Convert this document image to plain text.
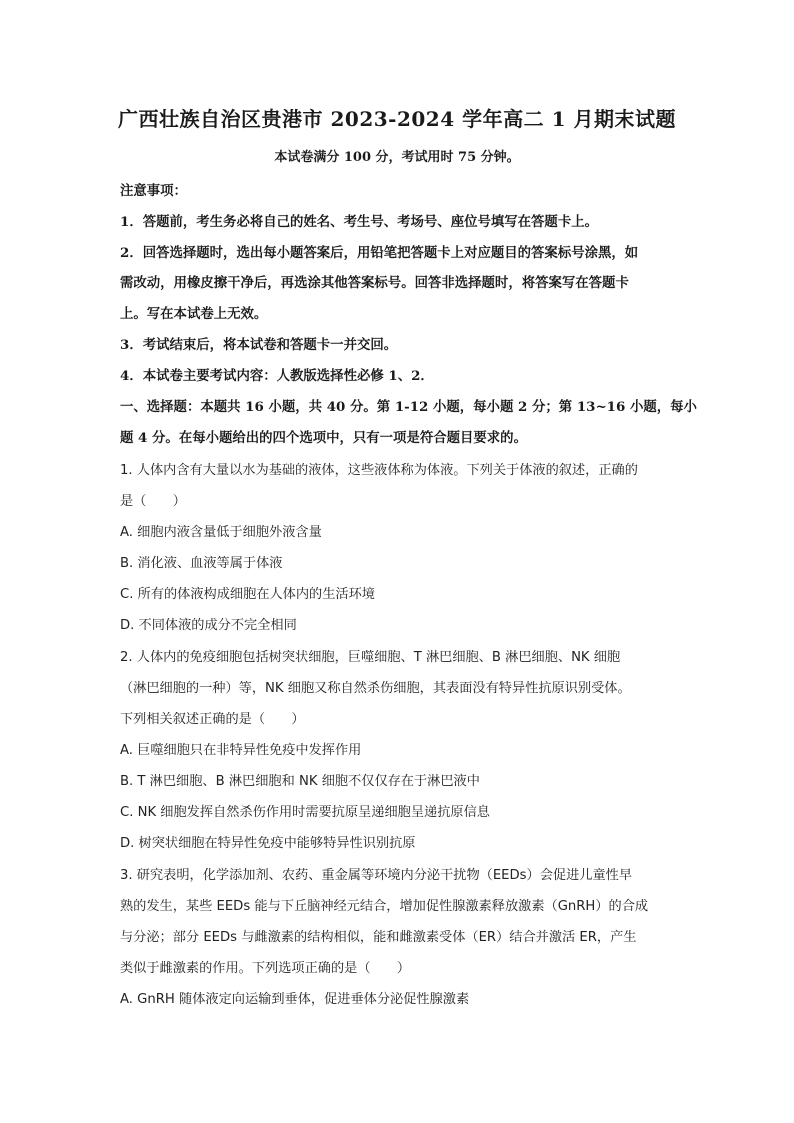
广西壮族自治区贵港市 2023-2024 学年高二 1 月期末试题
本试卷满分 100 分，考试用时 75 分钟。
注意事项：
1．答题前，考生务必将自己的姓名、考生号、考场号、座位号填写在答题卡上。
2．回答选择题时，选出每小题答案后，用铅笔把答题卡上对应题目的答案标号涂黑，如
需改动，用橡皮擦干净后，再选涂其他答案标号。回答非选择题时，将答案写在答题卡
上。写在本试卷上无效。
3．考试结束后，将本试卷和答题卡一并交回。
4．本试卷主要考试内容：人教版选择性必修 1、2．
一、选择题：本题共 16 小题，共 40 分。第 1-12 小题，每小题 2 分；第 13~16 小题，每小
题 4 分。在每小题给出的四个选项中，只有一项是符合题目要求的。
1. 人体内含有大量以水为基础的液体，这些液体称为体液。下列关于体液的叙述，正确的
是（　　）
A. 细胞内液含量低于细胞外液含量
B. 消化液、血液等属于体液
C. 所有的体液构成细胞在人体内的生活环境
D. 不同体液的成分不完全相同
2. 人体内的免疫细胞包括树突状细胞，巨噬细胞、T 淋巴细胞、B 淋巴细胞、NK 细胞
（淋巴细胞的一种）等，NK 细胞又称自然杀伤细胞，其表面没有特异性抗原识别受体。
下列相关叙述正确的是（　　）
A. 巨噬细胞只在非特异性免疫中发挥作用
B. T 淋巴细胞、B 淋巴细胞和 NK 细胞不仅仅存在于淋巴液中
C. NK 细胞发挥自然杀伤作用时需要抗原呈递细胞呈递抗原信息
D. 树突状细胞在特异性免疫中能够特异性识别抗原
3. 研究表明，化学添加剂、农药、重金属等环境内分泌干扰物（EEDs）会促进儿童性早
熟的发生，某些 EEDs 能与下丘脑神经元结合，增加促性腺激素释放激素（GnRH）的合成
与分泌；部分 EEDs 与雌激素的结构相似，能和雌激素受体（ER）结合并激活 ER，产生
类似于雌激素的作用。下列选项正确的是（　　）
A. GnRH 随体液定向运输到垂体，促进垂体分泌促性腺激素
